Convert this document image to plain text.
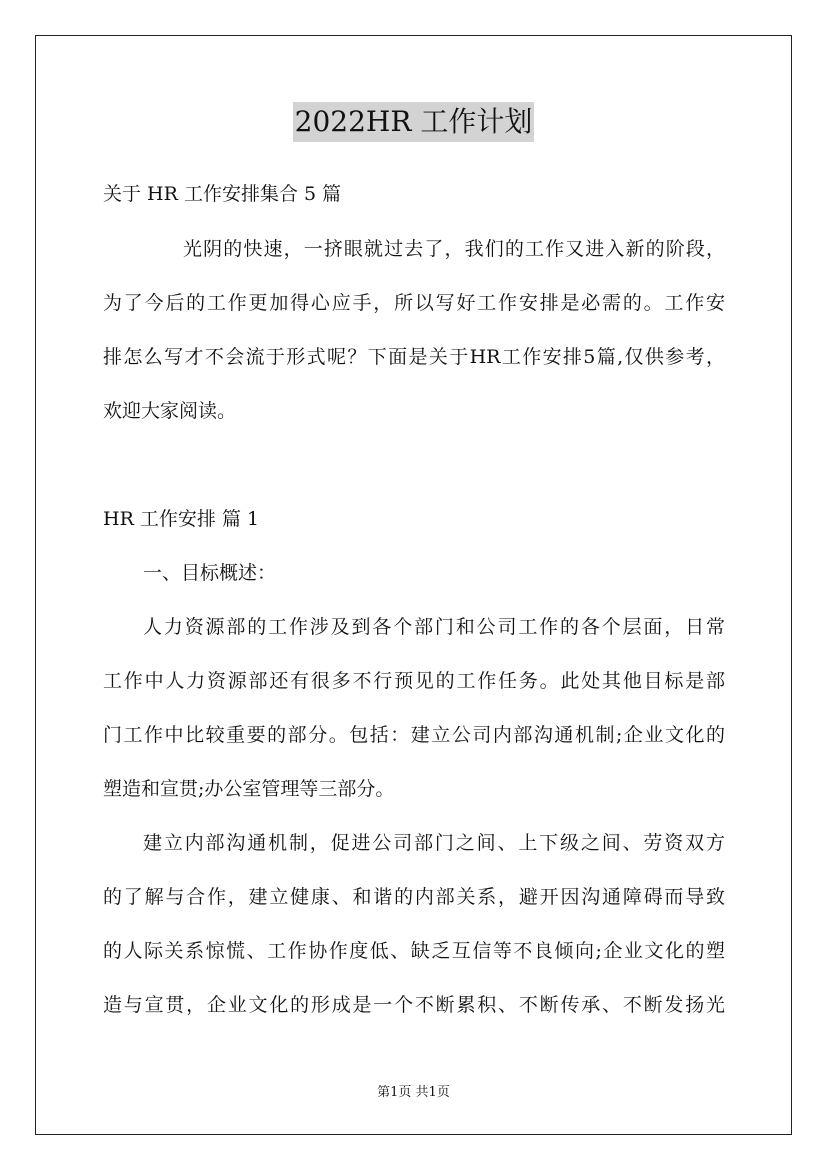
2022HR 工作计划
关于 HR 工作安排集合 5 篇
光阴的快速，一挤眼就过去了，我们的工作又进入新的阶段，
为了今后的工作更加得心应手，所以写好工作安排是必需的。工作安
排怎么写才不会流于形式呢？下面是关于HR工作安排5篇,仅供参考，
欢迎大家阅读。
HR 工作安排 篇 1
一、目标概述：
人力资源部的工作涉及到各个部门和公司工作的各个层面，日常
工作中人力资源部还有很多不行预见的工作任务。此处其他目标是部
门工作中比较重要的部分。包括：建立公司内部沟通机制;企业文化的
塑造和宣贯;办公室管理等三部分。
建立内部沟通机制，促进公司部门之间、上下级之间、劳资双方
的了解与合作，建立健康、和谐的内部关系，避开因沟通障碍而导致
的人际关系惊慌、工作协作度低、缺乏互信等不良倾向;企业文化的塑
造与宣贯，企业文化的形成是一个不断累积、不断传承、不断发扬光
第1页 共1页
